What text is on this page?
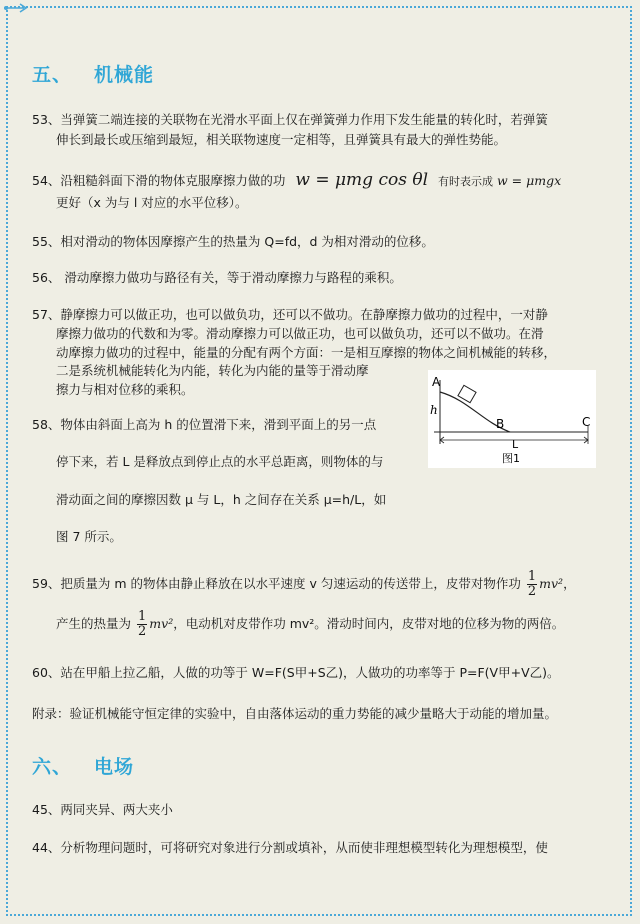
五、 机械能
53、当弹簧二端连接的关联物在光滑水平面上仅在弹簧弹力作用下发生能量的转化时，若弹簧
伸长到最长或压缩到最短，相关联物速度一定相等，且弹簧具有最大的弹性势能。
54、沿粗糙斜面下滑的物体克服摩擦力做的功 w = μmg cos θl 有时表示成 w = μmgx
更好（x 为与 l 对应的水平位移）。
55、相对滑动的物体因摩擦产生的热量为 Q=fd，d 为相对滑动的位移。
56、 滑动摩擦力做功与路径有关，等于滑动摩擦力与路程的乘积。
57、静摩擦力可以做正功，也可以做负功，还可以不做功。在静摩擦力做功的过程中，一对静
摩擦力做功的代数和为零。滑动摩擦力可以做正功，也可以做负功，还可以不做功。在滑
动摩擦力做功的过程中，能量的分配有两个方面：一是相互摩擦的物体之间机械能的转移，
二是系统机械能转化为内能，转化为内能的量等于滑动摩
擦力与相对位移的乘积。	A
h
B	C
L
图1
58、物体由斜面上高为 h 的位置滑下来，滑到平面上的另一点
停下来，若 L 是释放点到停止点的水平总距离，则物体的与
滑动面之间的摩擦因数 μ 与 L，h 之间存在关系 μ=h/L，如
图 7 所示。
59、把质量为 m 的物体由静止释放在以水平速度 v 匀速运动的传送带上，皮带对物作功 $\frac{1}{2} mv^2$，
产生的热量为 $\frac{1}{2} mv^2$，电动机对皮带作功 mv²。滑动时间内，皮带对地的位移为物的两倍。
60、站在甲船上拉乙船，人做的功等于 W=F(S甲+S乙)，人做功的功率等于 P=F(V甲+V乙)。
附录：验证机械能守恒定律的实验中，自由落体运动的重力势能的减少量略大于动能的增加量。
六、 电场
45、两同夹异、两大夹小
44、分析物理问题时，可将研究对象进行分割或填补，从而使非理想模型转化为理想模型，使
